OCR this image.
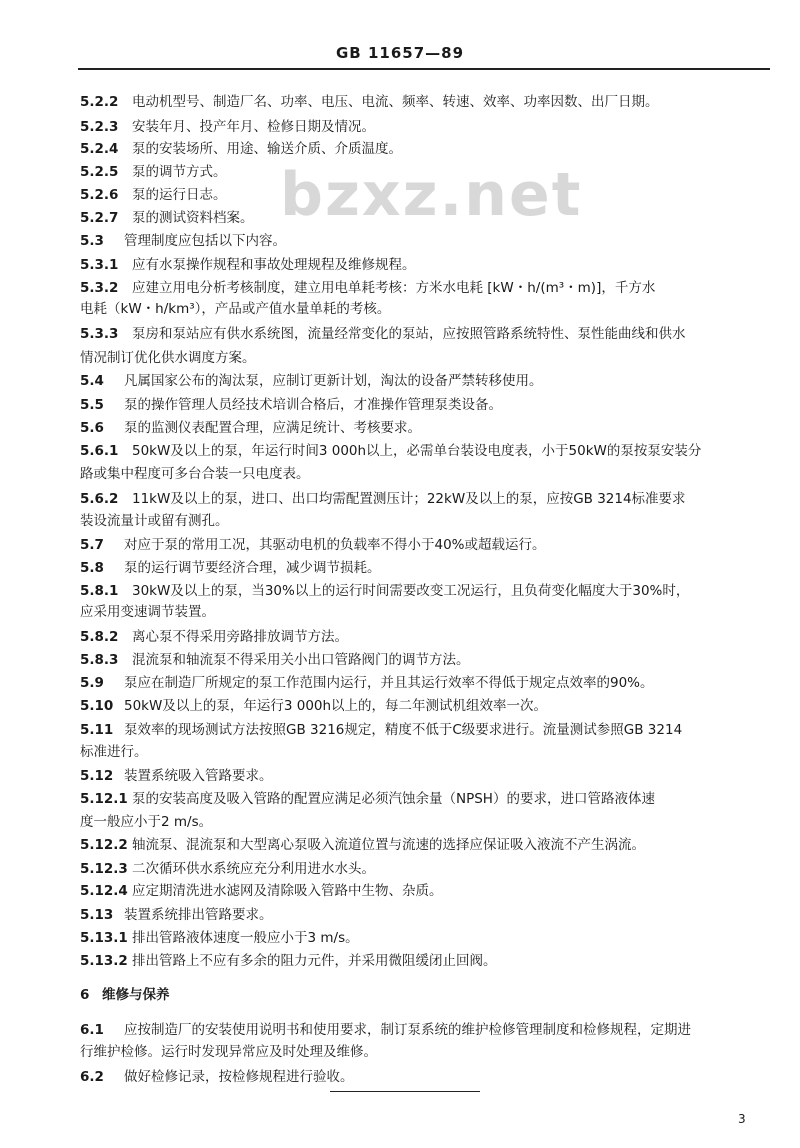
GB 11657—89
bzxz.net
5.2.2 电动机型号、制造厂名、功率、电压、电流、频率、转速、效率、功率因数、出厂日期。
5.2.3 安装年月、投产年月、检修日期及情况。
5.2.4 泵的安装场所、用途、输送介质、介质温度。
5.2.5 泵的调节方式。
5.2.6 泵的运行日志。
5.2.7 泵的测试资料档案。
5.3 管理制度应包括以下内容。
5.3.1 应有水泵操作规程和事故处理规程及维修规程。
5.3.2 应建立用电分析考核制度，建立用电单耗考核：方米水电耗 [kW・h/(m³・m)]，千方水
电耗（kW・h/km³），产品或产值水量单耗的考核。
5.3.3 泵房和泵站应有供水系统图，流量经常变化的泵站，应按照管路系统特性、泵性能曲线和供水
情况制订优化供水调度方案。
5.4 凡属国家公布的淘汰泵，应制订更新计划，淘汰的设备严禁转移使用。
5.5 泵的操作管理人员经技术培训合格后，才准操作管理泵类设备。
5.6 泵的监测仪表配置合理，应满足统计、考核要求。
5.6.1 50kW及以上的泵，年运行时间3 000h以上，必需单台装设电度表，小于50kW的泵按泵安装分
路或集中程度可多台合装一只电度表。
5.6.2 11kW及以上的泵，进口、出口均需配置测压计；22kW及以上的泵，应按GB 3214标准要求
装设流量计或留有测孔。
5.7 对应于泵的常用工况，其驱动电机的负载率不得小于40%或超载运行。
5.8 泵的运行调节要经济合理，减少调节损耗。
5.8.1 30kW及以上的泵，当30%以上的运行时间需要改变工况运行，且负荷变化幅度大于30%时，
应采用变速调节装置。
5.8.2 离心泵不得采用旁路排放调节方法。
5.8.3 混流泵和轴流泵不得采用关小出口管路阀门的调节方法。
5.9 泵应在制造厂所规定的泵工作范围内运行，并且其运行效率不得低于规定点效率的90%。
5.10 50kW及以上的泵，年运行3 000h以上的，每二年测试机组效率一次。
5.11 泵效率的现场测试方法按照GB 3216规定，精度不低于C级要求进行。流量测试参照GB 3214
标准进行。
5.12 装置系统吸入管路要求。
5.12.1 泵的安装高度及吸入管路的配置应满足必须汽蚀余量（NPSH）的要求，进口管路液体速
度一般应小于2 m/s。
5.12.2 轴流泵、混流泵和大型离心泵吸入流道位置与流速的选择应保证吸入液流不产生涡流。
5.12.3 二次循环供水系统应充分利用进水水头。
5.12.4 应定期清洗进水滤网及清除吸入管路中生物、杂质。
5.13 装置系统排出管路要求。
5.13.1 排出管路液体速度一般应小于3 m/s。
5.13.2 排出管路上不应有多余的阻力元件，并采用微阻缓闭止回阀。
6 维修与保养
6.1 应按制造厂的安装使用说明书和使用要求，制订泵系统的维护检修管理制度和检修规程，定期进
行维护检修。运行时发现异常应及时处理及维修。
6.2 做好检修记录，按检修规程进行验收。
3
